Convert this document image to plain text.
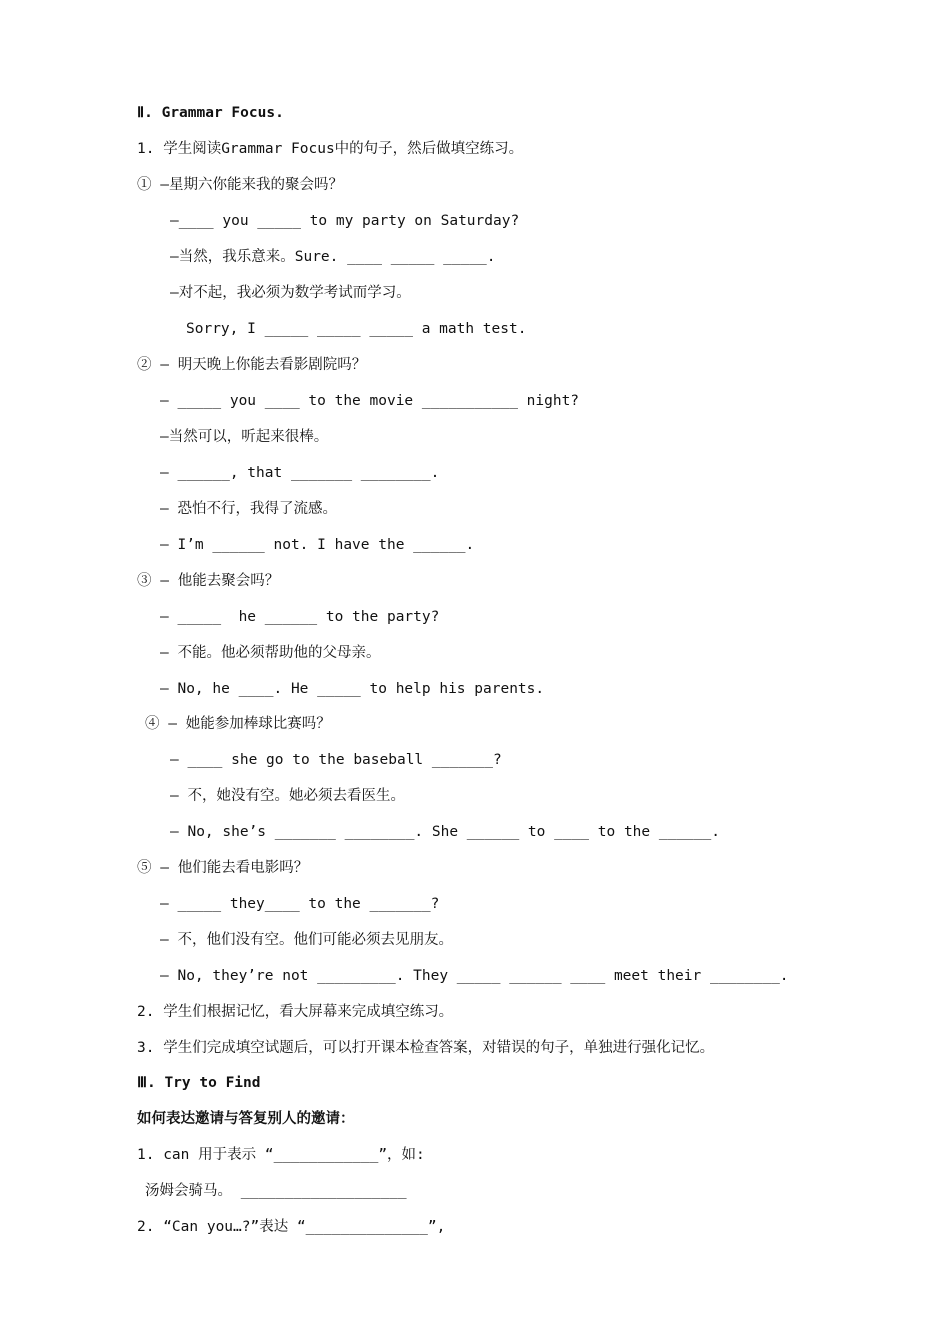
Ⅱ. Grammar Focus.
1. 学生阅读Grammar Focus中的句子，然后做填空练习。
① —星期六你能来我的聚会吗？
—____ you _____ to my party on Saturday?
—当然，我乐意来。Sure. ____ _____ _____.
—对不起，我必须为数学考试而学习。
Sorry, I _____ _____ _____ a math test.
② — 明天晚上你能去看影剧院吗？
— _____ you ____ to the movie ___________ night?
—当然可以，听起来很棒。
— ______, that _______ ________.
— 恐怕不行，我得了流感。
— I’m ______ not. I have the ______.
③ — 他能去聚会吗？
— _____  he ______ to the party?
— 不能。他必须帮助他的父母亲。
— No, he ____. He _____ to help his parents.
④ — 她能参加棒球比赛吗？
— ____ she go to the baseball _______?
— 不，她没有空。她必须去看医生。
— No, she’s _______ ________. She ______ to ____ to the ______.
⑤ — 他们能去看电影吗？
— _____ they____ to the _______?
— 不，他们没有空。他们可能必须去见朋友。
— No, they’re not _________. They _____ ______ ____ meet their ________.
2. 学生们根据记忆，看大屏幕来完成填空练习。
3. 学生们完成填空试题后，可以打开课本检查答案，对错误的句子，单独进行强化记忆。
Ⅲ. Try to Find
如何表达邀请与答复别人的邀请：
1. can 用于表示 “____________”，如:
汤姆会骑马。 ___________________
2. “Can you…?”表达 “______________”,
